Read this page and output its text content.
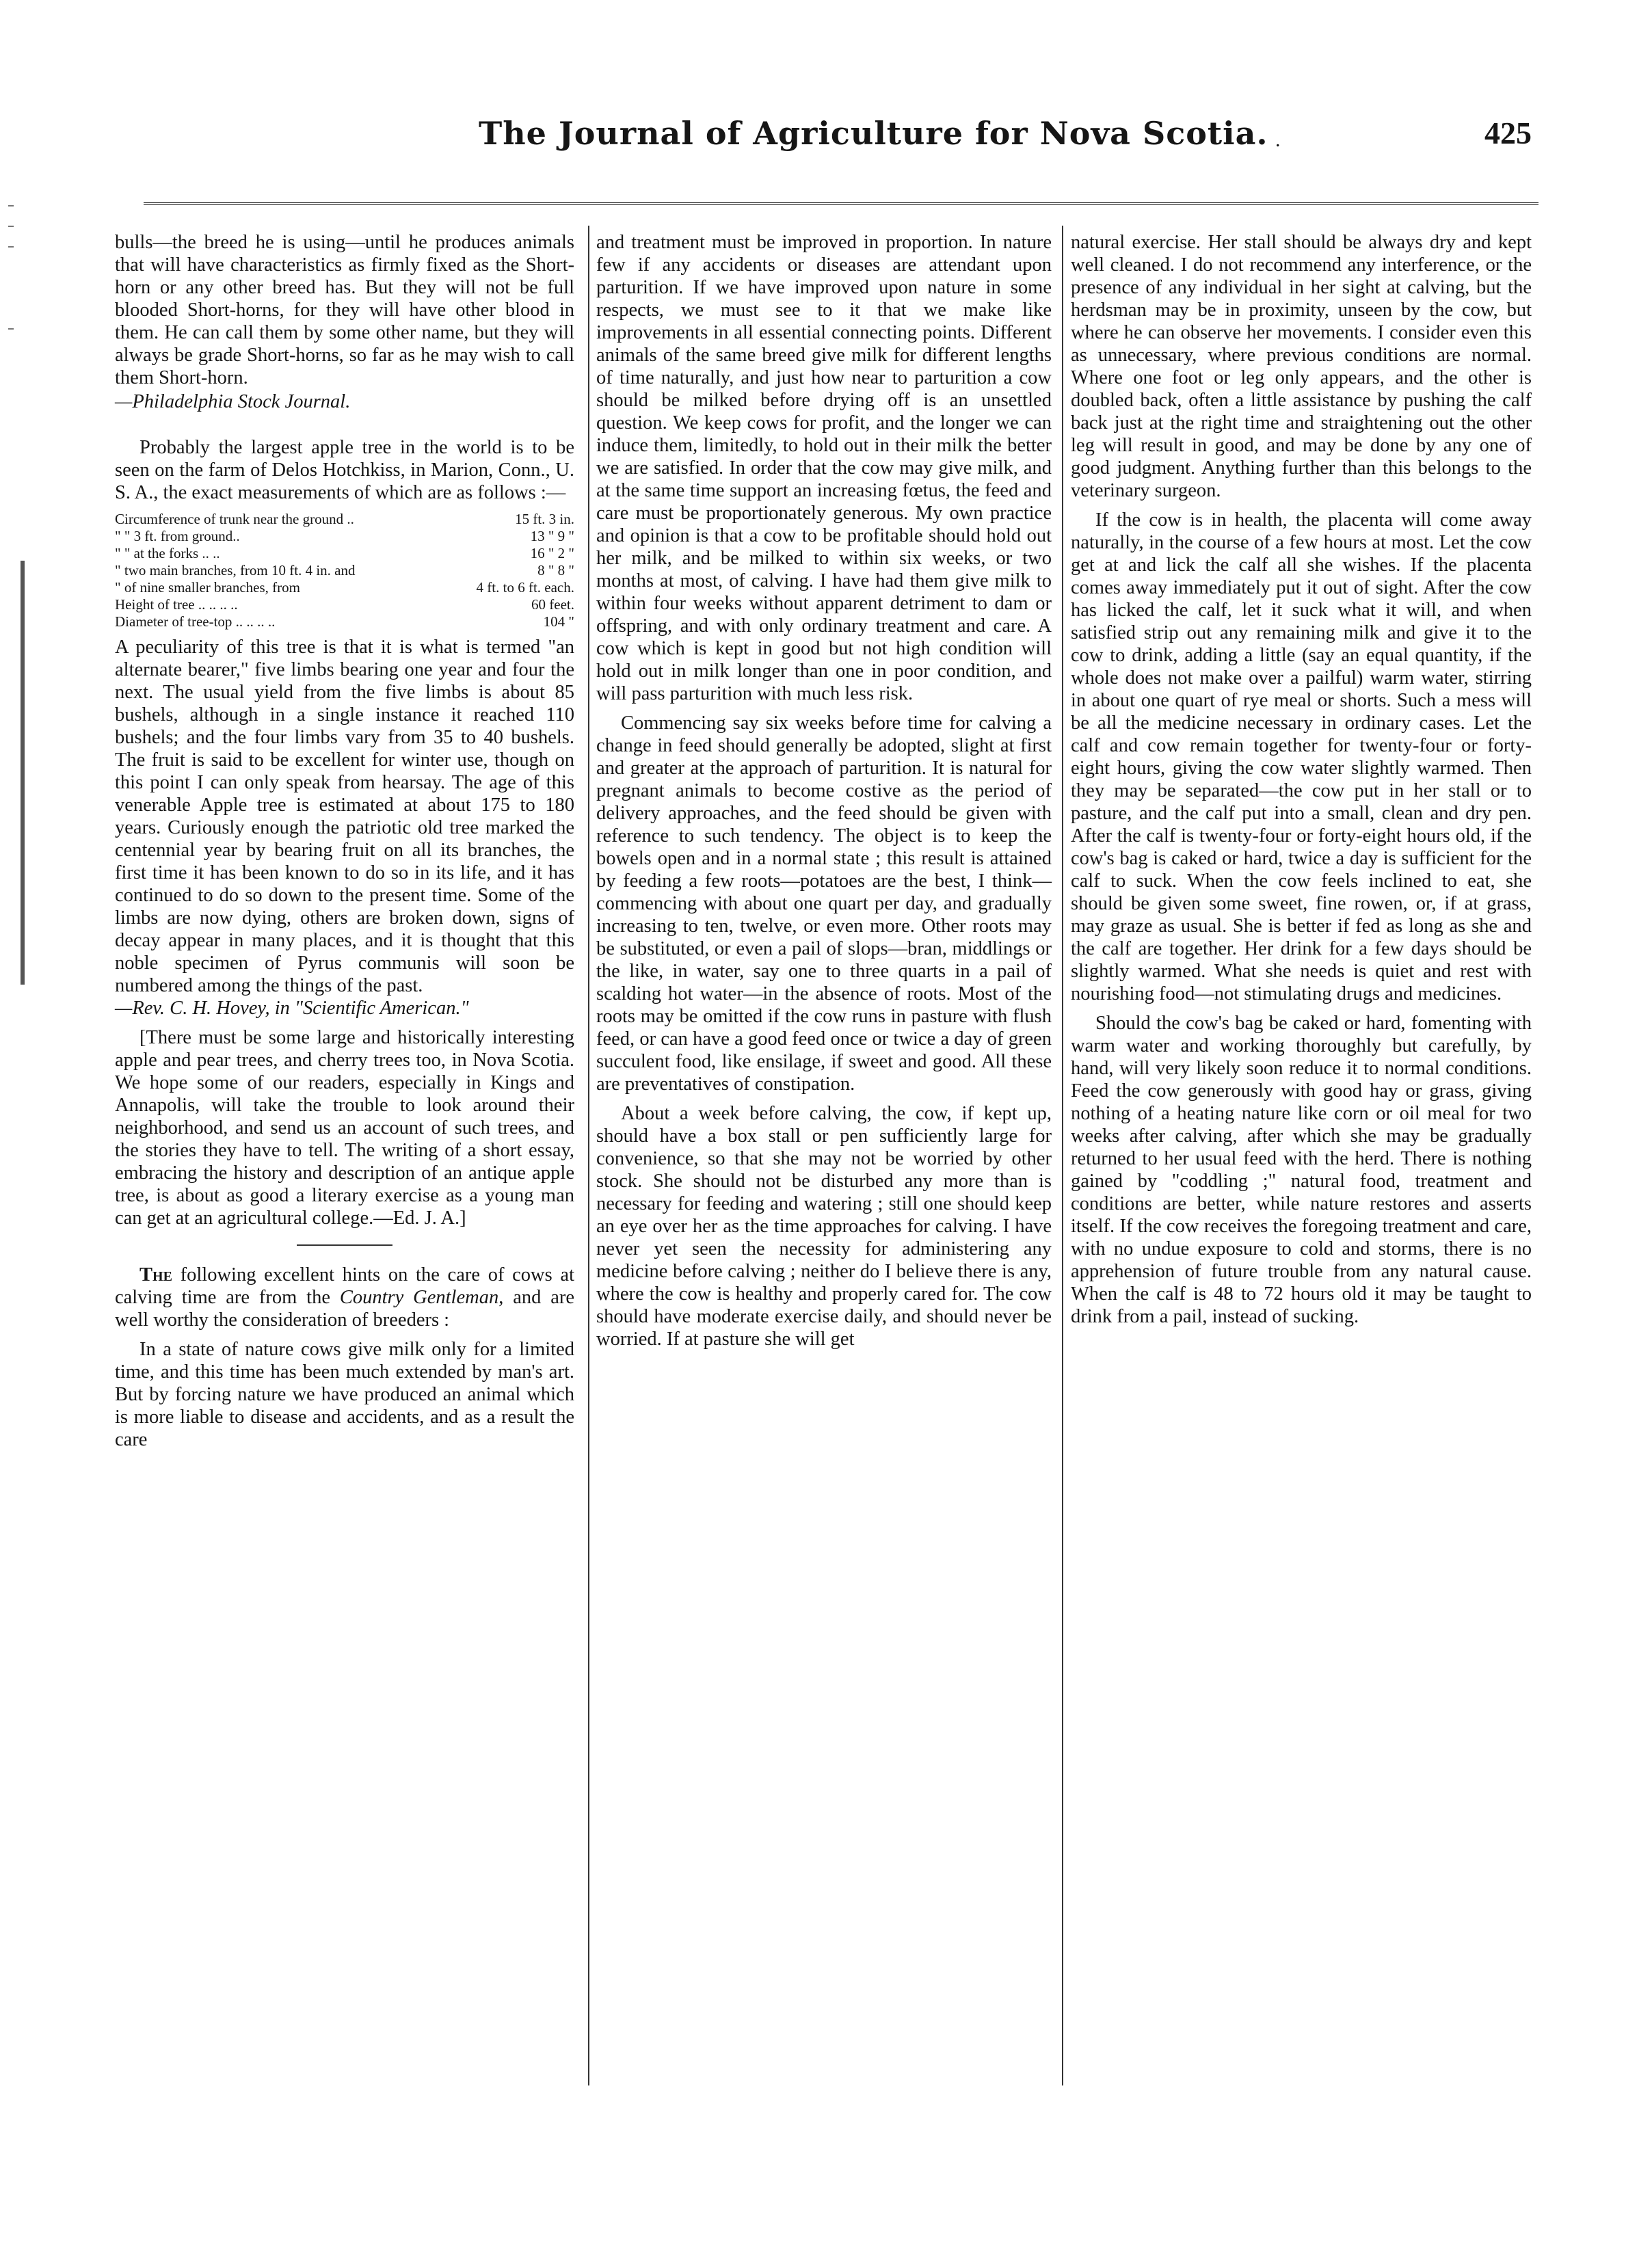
The Journal of Agriculture for Nova Scotia. .	425

bulls—the breed he is using—until he produces animals that will have characteristics as firmly fixed as the Short-horn or any other breed has. But they will not be full blooded Short-horns, for they will have other blood in them. He can call them by some other name, but they will always be grade Short-horns, so far as he may wish to call them Short-horn.

—Philadelphia Stock Journal.

Probably the largest apple tree in the world is to be seen on the farm of Delos Hotchkiss, in Marion, Conn., U. S. A., the exact measurements of which are as follows :—

Circumference of trunk near the ground ..	15 ft. 3 in.
" " 3 ft. from ground..	13 " 9 "
" " at the forks .. ..	16 " 2 "
" two main branches, from 10 ft. 4 in. and	8 " 8 "
" of nine smaller branches, from	4 ft. to 6 ft. each.
Height of tree .. .. .. ..	60 feet.
Diameter of tree-top .. .. .. ..	104 "

A peculiarity of this tree is that it is what is termed "an alternate bearer," five limbs bearing one year and four the next. The usual yield from the five limbs is about 85 bushels, although in a single instance it reached 110 bushels; and the four limbs vary from 35 to 40 bushels. The fruit is said to be excellent for winter use, though on this point I can only speak from hearsay. The age of this venerable Apple tree is estimated at about 175 to 180 years. Curiously enough the patriotic old tree marked the centennial year by bearing fruit on all its branches, the first time it has been known to do so in its life, and it has continued to do so down to the present time. Some of the limbs are now dying, others are broken down, signs of decay appear in many places, and it is thought that this noble specimen of Pyrus communis will soon be numbered among the things of the past.

—Rev. C. H. Hovey, in "Scientific American."

[There must be some large and historically interesting apple and pear trees, and cherry trees too, in Nova Scotia. We hope some of our readers, especially in Kings and Annapolis, will take the trouble to look around their neighborhood, and send us an account of such trees, and the stories they have to tell. The writing of a short essay, embracing the history and description of an antique apple tree, is about as good a literary exercise as a young man can get at an agricultural college.—Ed. J. A.]

The following excellent hints on the care of cows at calving time are from the Country Gentleman, and are well worthy the consideration of breeders :

In a state of nature cows give milk only for a limited time, and this time has been much extended by man's art. But by forcing nature we have produced an animal which is more liable to disease and accidents, and as a result the care

and treatment must be improved in proportion. In nature few if any accidents or diseases are attendant upon parturition. If we have improved upon nature in some respects, we must see to it that we make like improvements in all essential connecting points. Different animals of the same breed give milk for different lengths of time naturally, and just how near to parturition a cow should be milked before drying off is an unsettled question. We keep cows for profit, and the longer we can induce them, limitedly, to hold out in their milk the better we are satisfied. In order that the cow may give milk, and at the same time support an increasing fœtus, the feed and care must be proportionately generous. My own practice and opinion is that a cow to be profitable should hold out her milk, and be milked to within six weeks, or two months at most, of calving. I have had them give milk to within four weeks without apparent detriment to dam or offspring, and with only ordinary treatment and care. A cow which is kept in good but not high condition will hold out in milk longer than one in poor condition, and will pass parturition with much less risk.

Commencing say six weeks before time for calving a change in feed should generally be adopted, slight at first and greater at the approach of parturition. It is natural for pregnant animals to become costive as the period of delivery approaches, and the feed should be given with reference to such tendency. The object is to keep the bowels open and in a normal state ; this result is attained by feeding a few roots—potatoes are the best, I think—commencing with about one quart per day, and gradually increasing to ten, twelve, or even more. Other roots may be substituted, or even a pail of slops—bran, middlings or the like, in water, say one to three quarts in a pail of scalding hot water—in the absence of roots. Most of the roots may be omitted if the cow runs in pasture with flush feed, or can have a good feed once or twice a day of green succulent food, like ensilage, if sweet and good. All these are preventatives of constipation.

About a week before calving, the cow, if kept up, should have a box stall or pen sufficiently large for convenience, so that she may not be worried by other stock. She should not be disturbed any more than is necessary for feeding and watering ; still one should keep an eye over her as the time approaches for calving. I have never yet seen the necessity for administering any medicine before calving ; neither do I believe there is any, where the cow is healthy and properly cared for. The cow should have moderate exercise daily, and should never be worried. If at pasture she will get

natural exercise. Her stall should be always dry and kept well cleaned. I do not recommend any interference, or the presence of any individual in her sight at calving, but the herdsman may be in proximity, unseen by the cow, but where he can observe her movements. I consider even this as unnecessary, where previous conditions are normal. Where one foot or leg only appears, and the other is doubled back, often a little assistance by pushing the calf back just at the right time and straightening out the other leg will result in good, and may be done by any one of good judgment. Anything further than this belongs to the veterinary surgeon.

If the cow is in health, the placenta will come away naturally, in the course of a few hours at most. Let the cow get at and lick the calf all she wishes. If the placenta comes away immediately put it out of sight. After the cow has licked the calf, let it suck what it will, and when satisfied strip out any remaining milk and give it to the cow to drink, adding a little (say an equal quantity, if the whole does not make over a pailful) warm water, stirring in about one quart of rye meal or shorts. Such a mess will be all the medicine necessary in ordinary cases. Let the calf and cow remain together for twenty-four or forty-eight hours, giving the cow water slightly warmed. Then they may be separated—the cow put in her stall or to pasture, and the calf put into a small, clean and dry pen. After the calf is twenty-four or forty-eight hours old, if the cow's bag is caked or hard, twice a day is sufficient for the calf to suck. When the cow feels inclined to eat, she should be given some sweet, fine rowen, or, if at grass, may graze as usual. She is better if fed as long as she and the calf are together. Her drink for a few days should be slightly warmed. What she needs is quiet and rest with nourishing food—not stimulating drugs and medicines.

Should the cow's bag be caked or hard, fomenting with warm water and working thoroughly but carefully, by hand, will very likely soon reduce it to normal conditions. Feed the cow generously with good hay or grass, giving nothing of a heating nature like corn or oil meal for two weeks after calving, after which she may be gradually returned to her usual feed with the herd. There is nothing gained by "coddling ;" natural food, treatment and conditions are better, while nature restores and asserts itself. If the cow receives the foregoing treatment and care, with no undue exposure to cold and storms, there is no apprehension of future trouble from any natural cause. When the calf is 48 to 72 hours old it may be taught to drink from a pail, instead of sucking.
